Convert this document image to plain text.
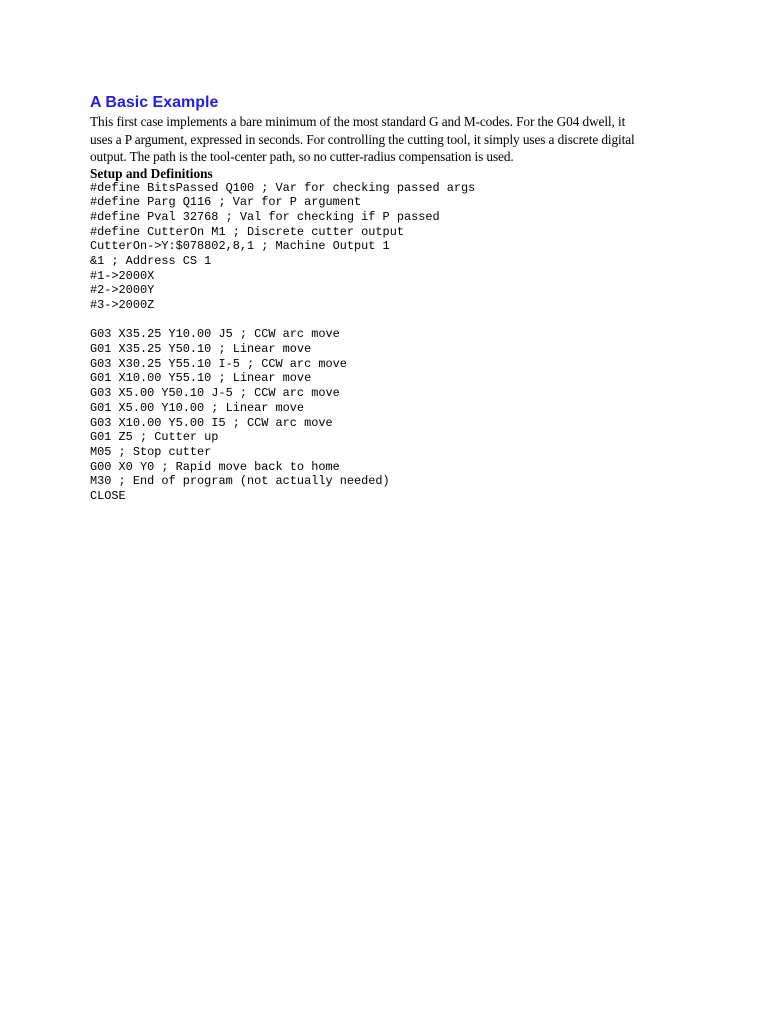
A Basic Example

This first case implements a bare minimum of the most standard G and M-codes. For the G04 dwell, it
uses a P argument, expressed in seconds. For controlling the cutting tool, it simply uses a discrete digital
output. The path is the tool-center path, so no cutter-radius compensation is used.

Setup and Definitions
#define BitsPassed Q100 ; Var for checking passed args
#define Parg Q116 ; Var for P argument
#define Pval 32768 ; Val for checking if P passed
#define CutterOn M1 ; Discrete cutter output
CutterOn->Y:$078802,8,1 ; Machine Output 1
&1 ; Address CS 1
#1->2000X
#2->2000Y
#3->2000Z
G03 X35.25 Y10.00 J5 ; CCW arc move
G01 X35.25 Y50.10 ; Linear move
G03 X30.25 Y55.10 I-5 ; CCW arc move
G01 X10.00 Y55.10 ; Linear move
G03 X5.00 Y50.10 J-5 ; CCW arc move
G01 X5.00 Y10.00 ; Linear move
G03 X10.00 Y5.00 I5 ; CCW arc move
G01 Z5 ; Cutter up
M05 ; Stop cutter
G00 X0 Y0 ; Rapid move back to home
M30 ; End of program (not actually needed)
CLOSE
